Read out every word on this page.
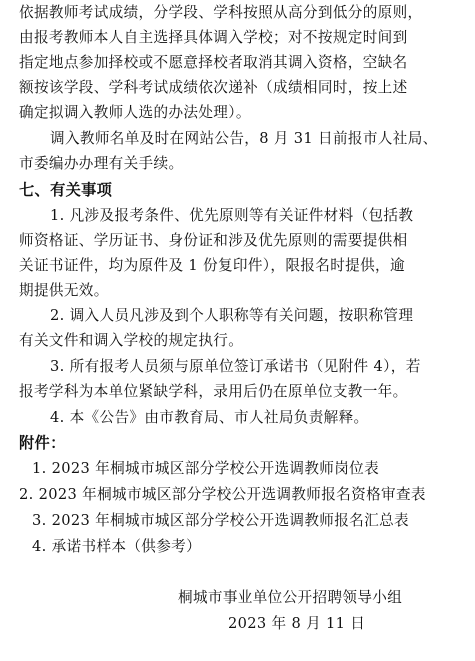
依据教师考试成绩，分学段、学科按照从高分到低分的原则，
由报考教师本人自主选择具体调入学校；对不按规定时间到
指定地点参加择校或不愿意择校者取消其调入资格，空缺名
额按该学段、学科考试成绩依次递补（成绩相同时，按上述
确定拟调入教师人选的办法处理）。
调入教师名单及时在网站公告，8 月 31 日前报市人社局、
市委编办办理有关手续。
七、有关事项
1. 凡涉及报考条件、优先原则等有关证件材料（包括教
师资格证、学历证书、身份证和涉及优先原则的需要提供相
关证书证件，均为原件及 1 份复印件），限报名时提供，逾
期提供无效。
2. 调入人员凡涉及到个人职称等有关问题，按职称管理
有关文件和调入学校的规定执行。
3. 所有报考人员须与原单位签订承诺书（见附件 4），若
报考学科为本单位紧缺学科，录用后仍在原单位支教一年。
4. 本《公告》由市教育局、市人社局负责解释。
附件：
1. 2023 年桐城市城区部分学校公开选调教师岗位表
2. 2023 年桐城市城区部分学校公开选调教师报名资格审查表
3. 2023 年桐城市城区部分学校公开选调教师报名汇总表
4. 承诺书样本（供参考）
桐城市事业单位公开招聘领导小组
2023 年 8 月 11 日
